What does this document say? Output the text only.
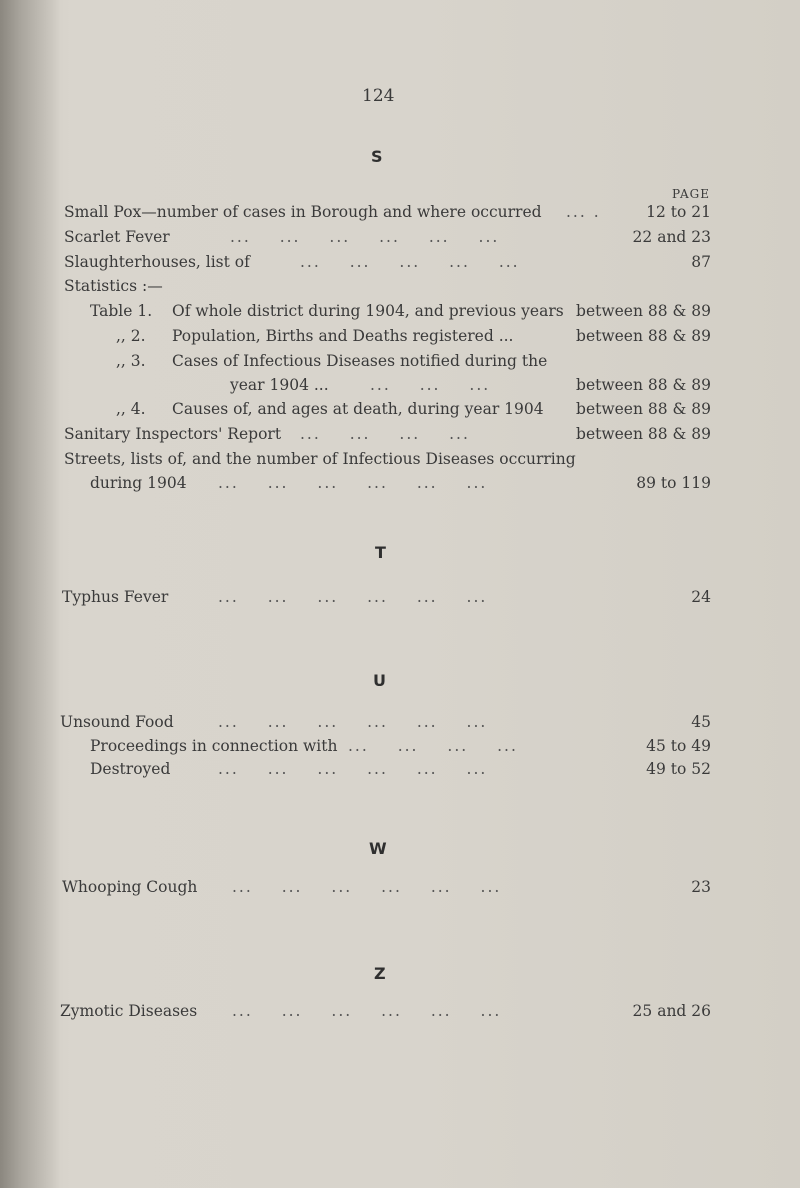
124
S
PAGE
Small Pox—number of cases in Borough and where occurred ... .	12 to 21
Scarlet Fever	... ... ... ... ... ...	22 and 23
Slaughterhouses, list of	... ... ... ... ...	87
Statistics :—
Table 1. Of whole district during 1904, and previous years between 88 & 89
,, 2. Population, Births and Deaths registered ...	between 88 & 89
,, 3. Cases of Infectious Diseases notified during the
year 1904 ...	... ... ...	between 88 & 89
,, 4. Causes of, and ages at death, during year 1904 between 88 & 89
Sanitary Inspectors' Report ... ... ... ...	between 88 & 89
Streets, lists of, and the number of Infectious Diseases occurring
during 1904 ... ... ... ... ... ...	89 to 119
T
Typhus Fever	... ... ... ... ... ...	24
U
Unsound Food	... ... ... ... ... ...	45
Proceedings in connection with ... ... ... ...	45 to 49
Destroyed	... ... ... ... ... ...	49 to 52
W
Whooping Cough ... ... ... ... ... ...	23
Z
Zymotic Diseases ... ... ... ... ... ...	25 and 26
